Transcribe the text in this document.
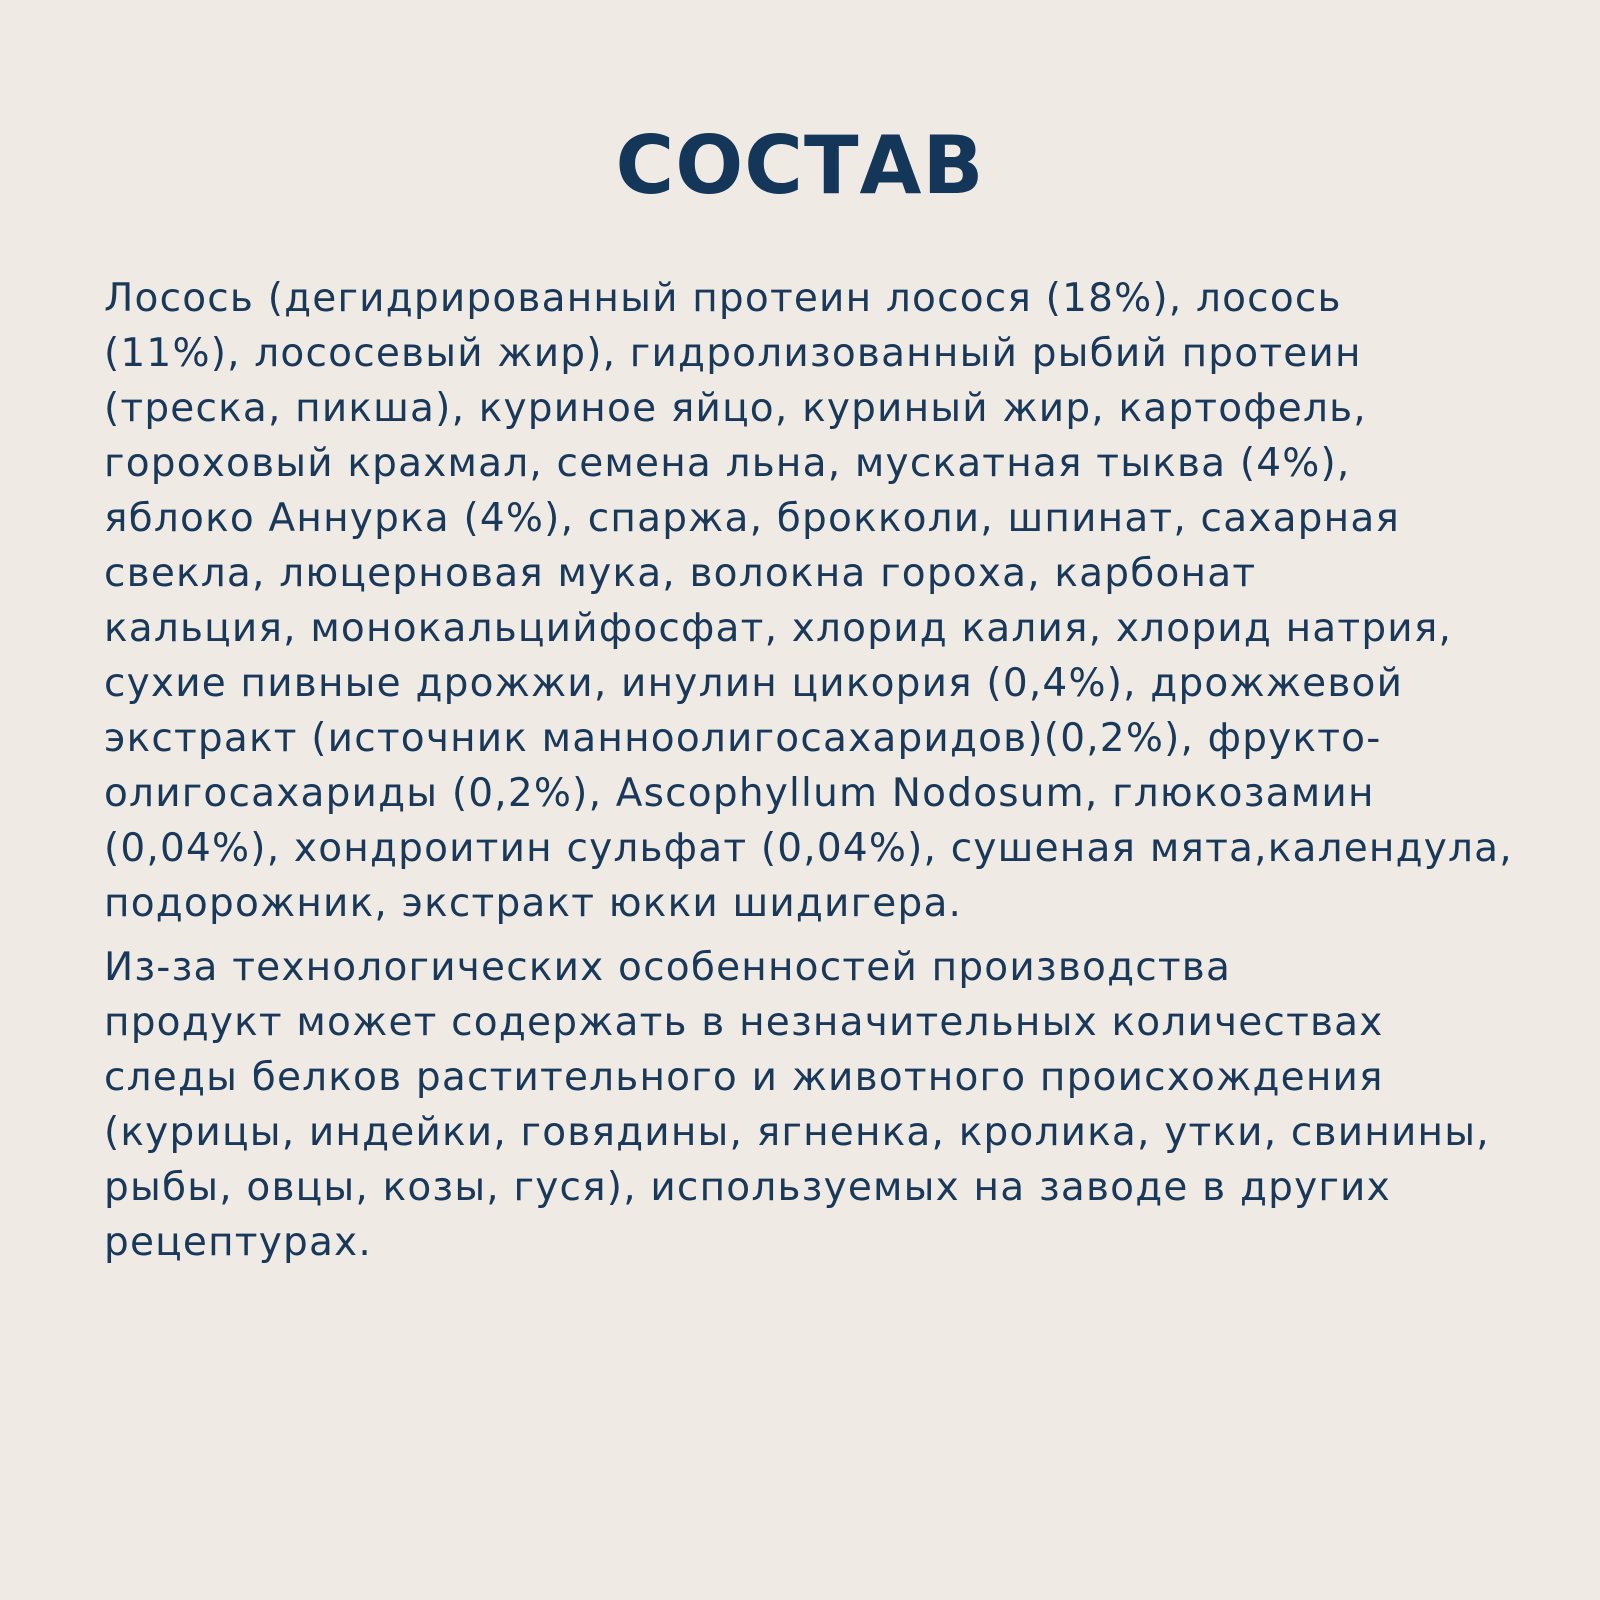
СОСТАВ
Лосось (дегидрированный протеин лосося (18%), лосось
(11%), лососевый жир), гидролизованный рыбий протеин
(треска, пикша), куриное яйцо, куриный жир, картофель,
гороховый крахмал, семена льна, мускатная тыква (4%),
яблоко Аннурка (4%), спаржа, брокколи, шпинат, сахарная
свекла, люцерновая мука, волокна гороха, карбонат
кальция, монокальцийфосфат, хлорид калия, хлорид натрия,
сухие пивные дрожжи, инулин цикория (0,4%), дрожжевой
экстракт (источник маннoолигосахаридов)(0,2%), фрукто-
олигосахариды (0,2%), Ascophyllum Nodosum, глюкозамин
(0,04%), хондроитин сульфат (0,04%), сушеная мята,календула,
подорожник, экстракт юкки шидигера.
Из-за технологических особенностей производства
продукт может содержать в незначительных количествах
следы белков растительного и животного происхождения
(курицы, индейки, говядины, ягненка, кролика, утки, свинины,
рыбы, овцы, козы, гуся), используемых на заводе в других
рецептурах.
